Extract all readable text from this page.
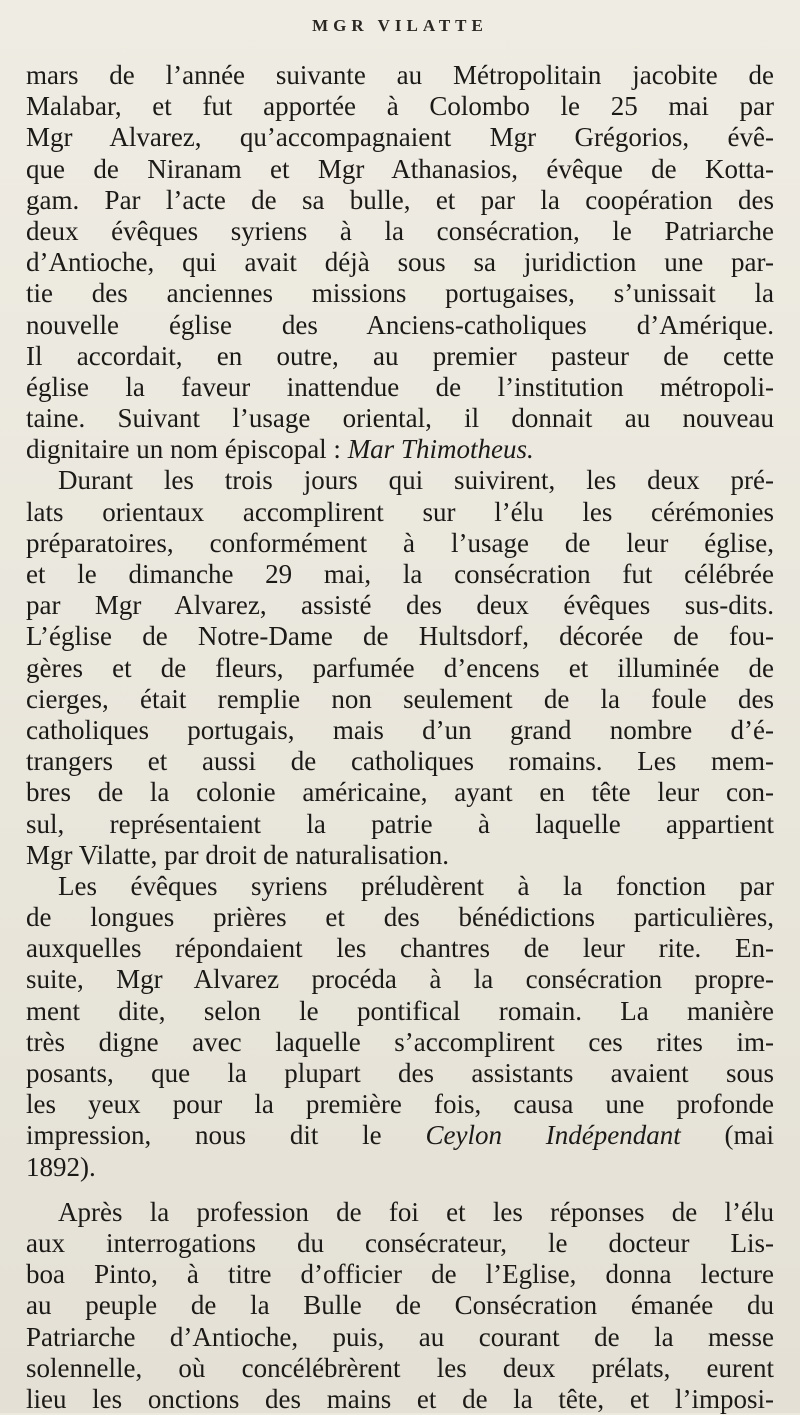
MGR VILATTE
mars de l’année suivante au Métropolitain jacobite de
Malabar, et fut apportée à Colombo le 25 mai par
Mgr Alvarez, qu’accompagnaient Mgr Grégorios, évê-
que de Niranam et Mgr Athanasios, évêque de Kotta-
gam. Par l’acte de sa bulle, et par la coopération des
deux évêques syriens à la consécration, le Patriarche
d’Antioche, qui avait déjà sous sa juridiction une par-
tie des anciennes missions portugaises, s’unissait la
nouvelle église des Anciens-catholiques d’Amérique.
Il accordait, en outre, au premier pasteur de cette
église la faveur inattendue de l’institution métropoli-
taine. Suivant l’usage oriental, il donnait au nouveau
dignitaire un nom épiscopal : Mar Thimotheus.
Durant les trois jours qui suivirent, les deux pré-
lats orientaux accomplirent sur l’élu les cérémonies
préparatoires, conformément à l’usage de leur église,
et le dimanche 29 mai, la consécration fut célébrée
par Mgr Alvarez, assisté des deux évêques sus-dits.
L’église de Notre-Dame de Hultsdorf, décorée de fou-
gères et de fleurs, parfumée d’encens et illuminée de
cierges, était remplie non seulement de la foule des
catholiques portugais, mais d’un grand nombre d’é-
trangers et aussi de catholiques romains. Les mem-
bres de la colonie américaine, ayant en tête leur con-
sul, représentaient la patrie à laquelle appartient
Mgr Vilatte, par droit de naturalisation.
Les évêques syriens préludèrent à la fonction par
de longues prières et des bénédictions particulières,
auxquelles répondaient les chantres de leur rite. En-
suite, Mgr Alvarez procéda à la consécration propre-
ment dite, selon le pontifical romain. La manière
très digne avec laquelle s’accomplirent ces rites im-
posants, que la plupart des assistants avaient sous
les yeux pour la première fois, causa une profonde
impression, nous dit le Ceylon Indépendant (mai
1892).
Après la profession de foi et les réponses de l’élu
aux interrogations du consécrateur, le docteur Lis-
boa Pinto, à titre d’officier de l’Eglise, donna lecture
au peuple de la Bulle de Consécration émanée du
Patriarche d’Antioche, puis, au courant de la messe
solennelle, où concélébrèrent les deux prélats, eurent
lieu les onctions des mains et de la tête, et l’imposi-
